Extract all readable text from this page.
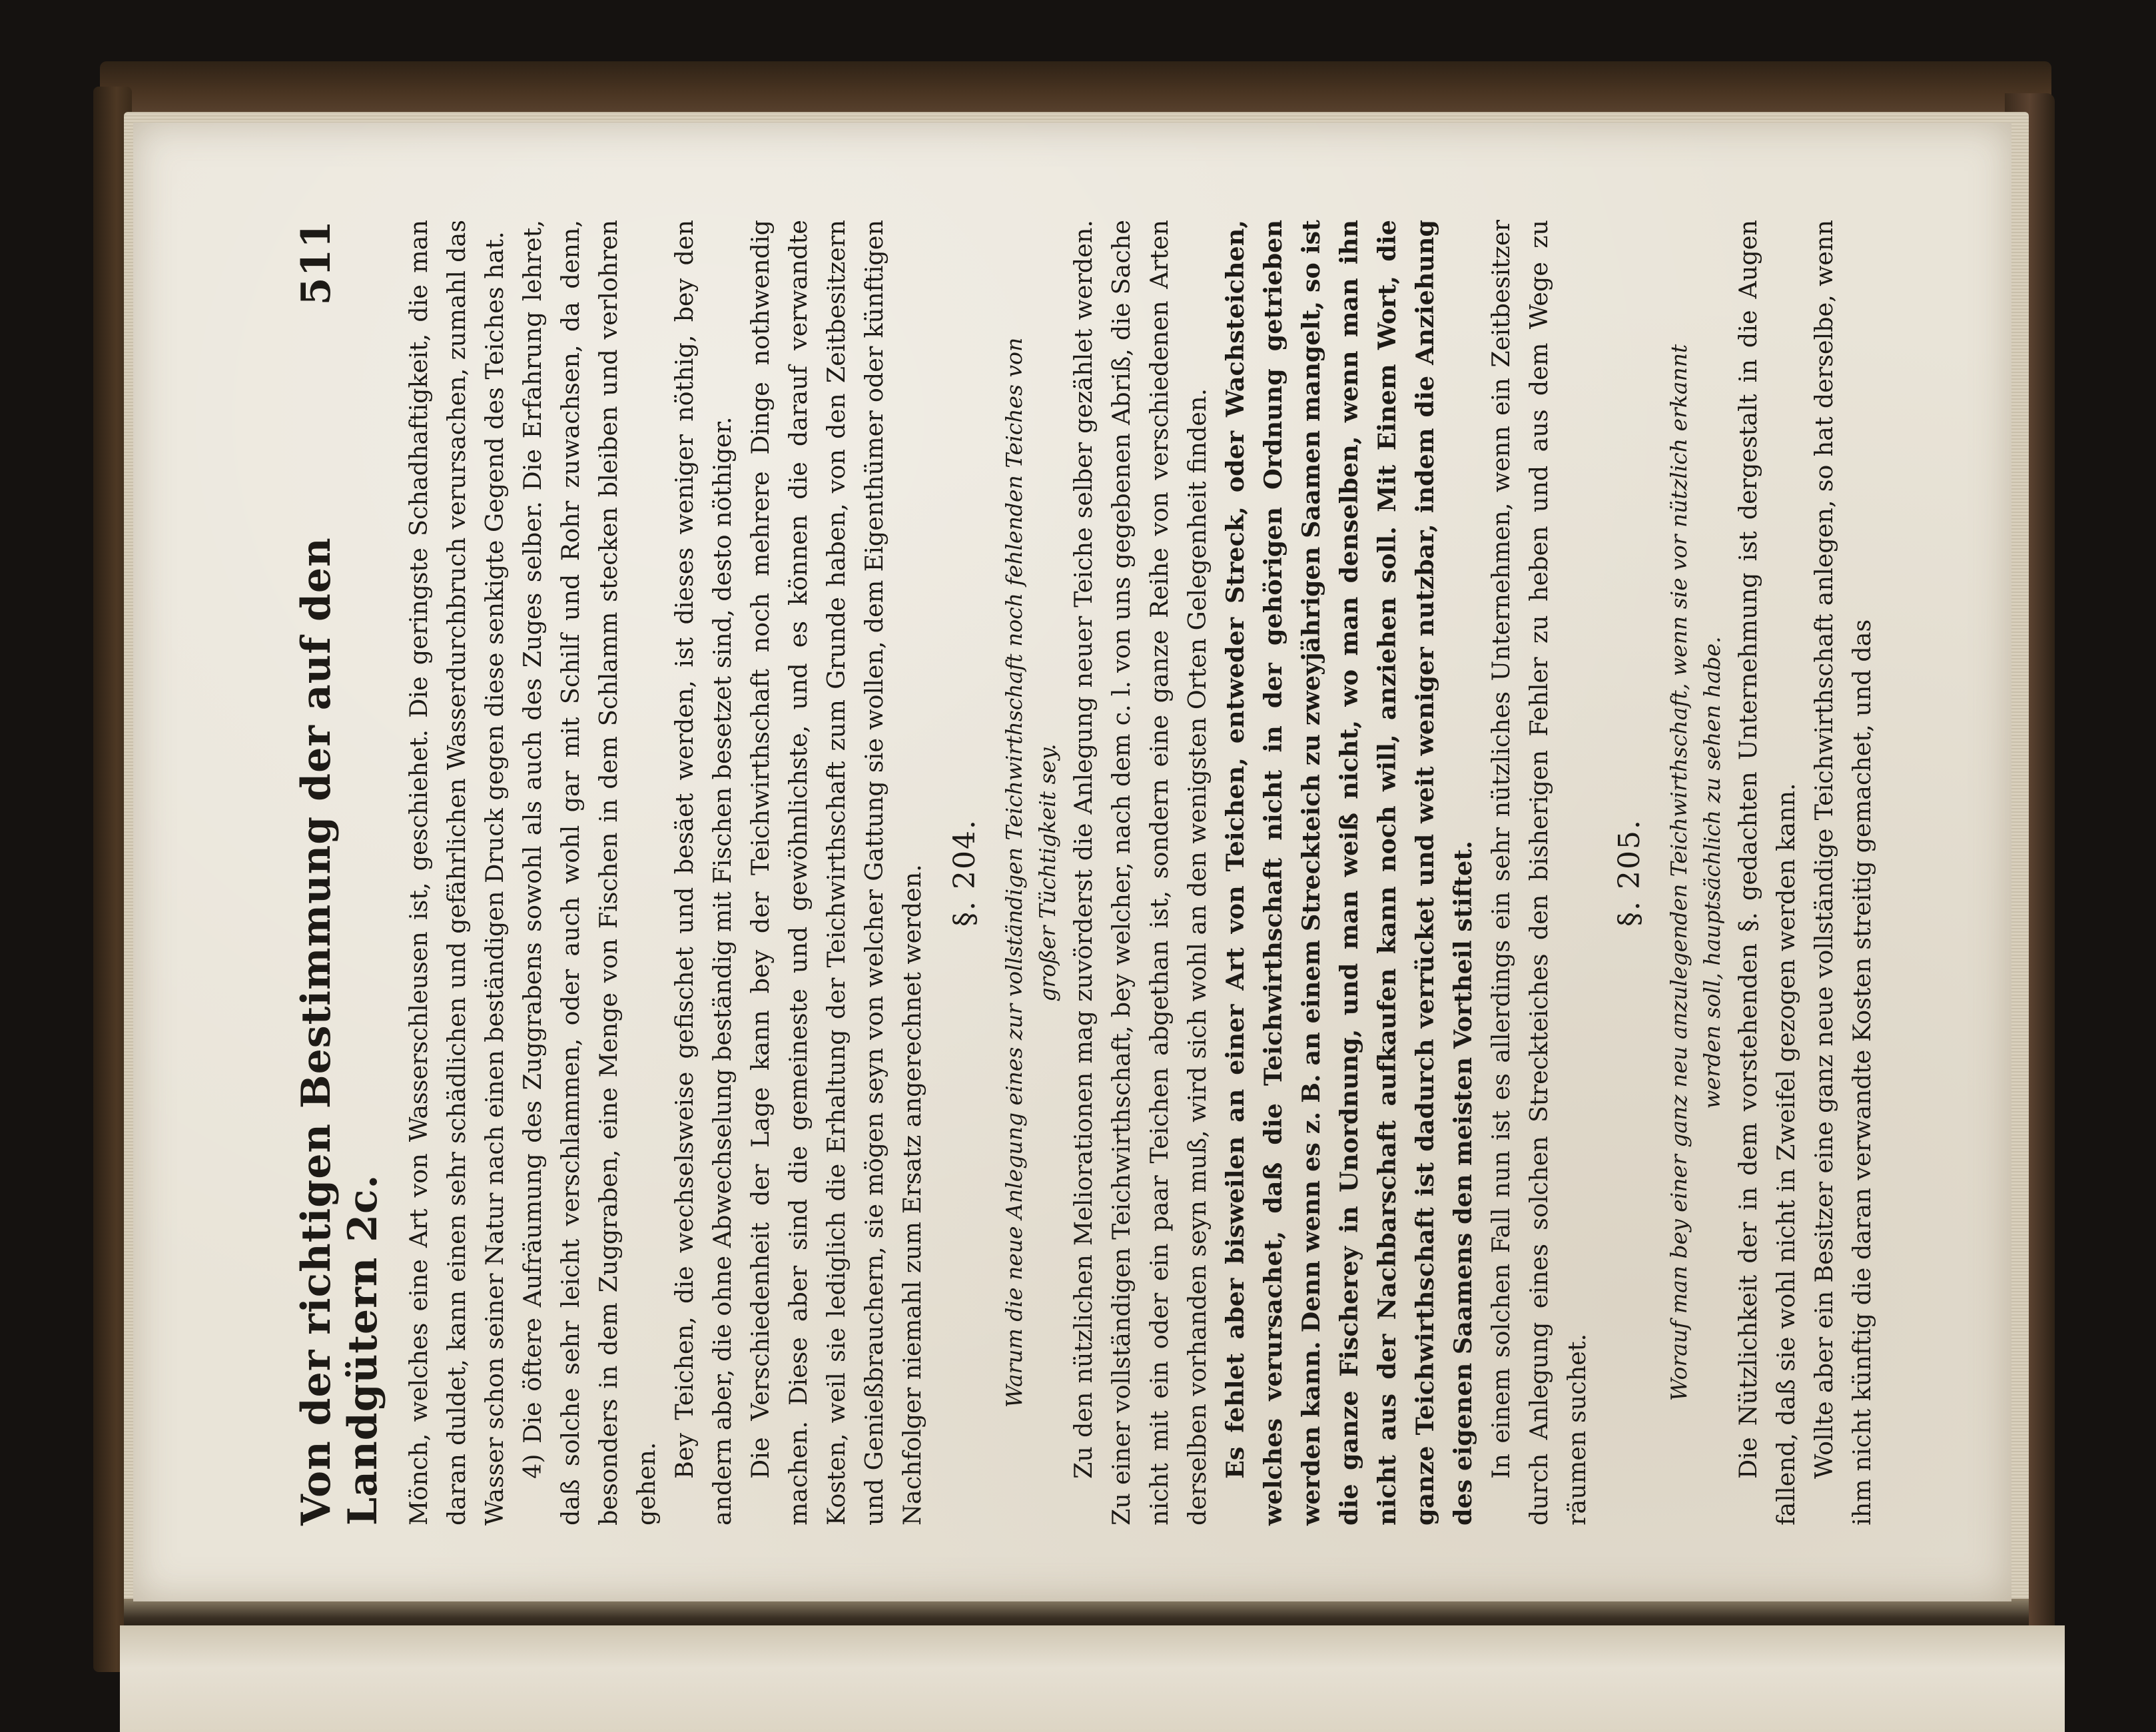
Von der richtigen Bestimmung der auf den Landgütern 2c.
511	Mönch, welches eine Art von Wasserschleusen ist, geschiehet. Die geringste Schadhaftigkeit, die man daran duldet, kann einen sehr schädlichen und gefährlichen Wasserdurchbruch verursachen, zumahl das Wasser schon seiner Natur nach einen beständigen Druck gegen diese senkigte Gegend des Teiches hat. 4) Die öftere Aufräumung des Zuggrabens sowohl als auch des Zuges selber. Die Erfahrung lehret, daß solche sehr leicht verschlammen, oder auch wohl gar mit Schilf und Rohr zuwachsen, da denn, besonders in dem Zuggraben, eine Menge von Fischen in dem Schlamm stecken bleiben und verlohren gehen.

Bey Teichen, die wechselsweise gefischet und besäet werden, ist dieses weniger nöthig, bey den andern aber, die ohne Abwechselung beständig mit Fischen besetzet sind, desto nöthiger. Die Verschiedenheit der Lage kann bey der Teichwirthschaft noch mehrere Dinge nothwendig machen. Diese aber sind die gemeineste und gewöhnlichste, und es können die darauf verwandte Kosten, weil sie lediglich die Erhaltung der Teichwirthschaft zum Grunde haben, von den Zeitbesitzern und Genießbrauchern, sie mögen seyn von welcher Gattung sie wollen, dem Eigenthümer oder künftigen Nachfolger niemahl zum Ersatz angerechnet werden. §. 204. Warum die neue Anlegung eines zur vollständigen Teichwirthschaft noch fehlenden Teiches von großer Tüchtigkeit sey. Zu den nützlichen Meliorationen mag zuvörderst die Anlegung neuer Teiche selber gezählet werden. Zu einer vollständigen Teichwirthschaft, bey welcher, nach dem c. l. von uns gegebenen Abriß, die Sache nicht mit ein oder ein paar Teichen abgethan ist, sondern eine ganze Reihe von verschiedenen Arten derselben vorhanden seyn muß, wird sich wohl an den wenigsten Orten Gelegenheit finden. Es fehlet aber bisweilen an einer Art von Teichen, entweder Streck, oder Wachsteichen, welches verursachet, daß die Teichwirthschaft nicht in der gehörigen Ordnung getrieben werden kann. Denn wenn es z. B. an einem Streckteich zu zweyjährigen Saamen mangelt, so ist die ganze Fischerey in Unordnung, und man weiß nicht, wo man denselben, wenn man ihn nicht aus der Nachbarschaft aufkaufen kann noch will, anziehen soll. Mit Einem Wort, die ganze Teichwirthschaft ist dadurch verrücket und weit weniger nutzbar, indem die Anziehung des eigenen Saamens den meisten Vortheil stiftet. In einem solchen Fall nun ist es allerdings ein sehr nützliches Unternehmen, wenn ein Zeitbesitzer durch Anlegung eines solchen Streckteiches den bisherigen Fehler zu heben und aus dem Wege zu räumen suchet.

§. 205. Worauf man bey einer ganz neu anzulegenden Teichwirthschaft, wenn sie vor nützlich erkannt werden soll, hauptsächlich zu sehen habe. Die Nützlichkeit der in dem vorstehenden §. gedachten Unternehmung ist dergestalt in die Augen fallend, daß sie wohl nicht in Zweifel gezogen werden kann. Wollte aber ein Besitzer eine ganz neue vollständige Teichwirthschaft anlegen, so hat derselbe, wenn ihm nicht künftig die daran verwandte Kosten streitig gemachet, und das
